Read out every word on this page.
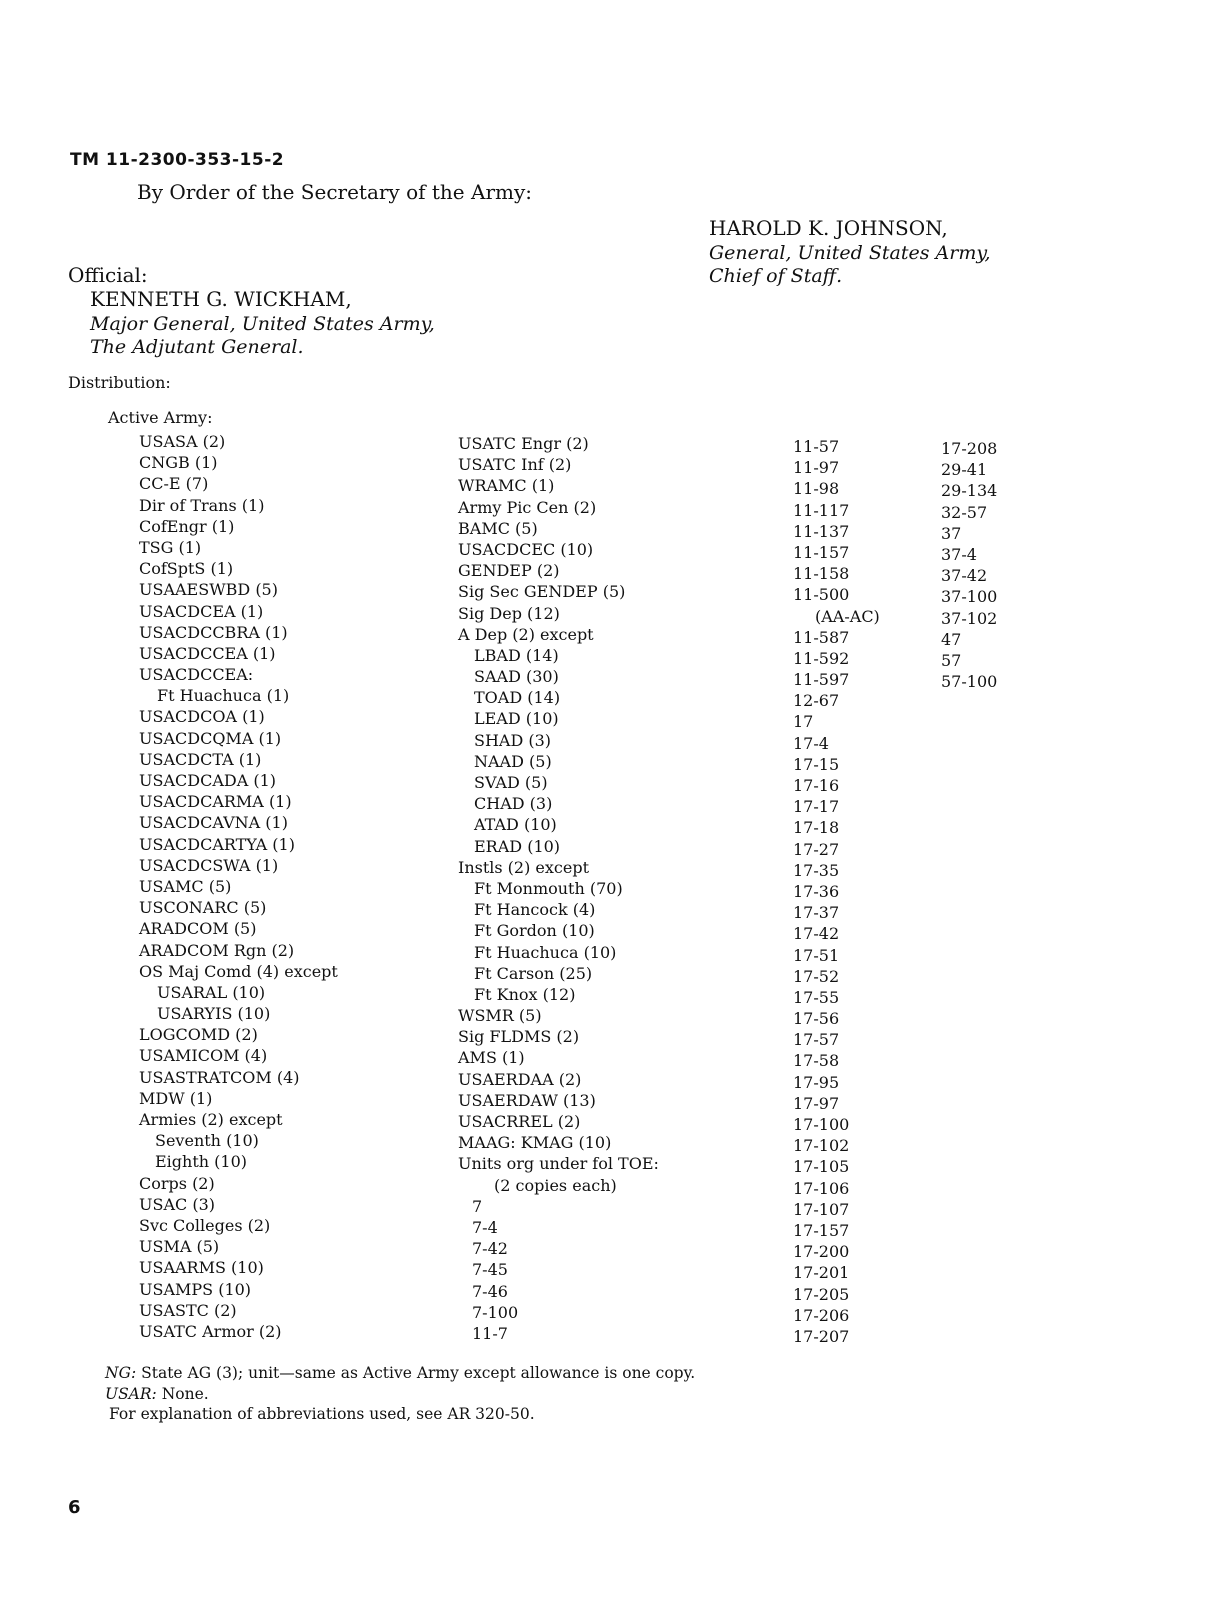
TM 11-2300-353-15-2
By Order of the Secretary of the Army:
HAROLD K. JOHNSON,
General, United States Army,
Chief of Staff.
Official:
KENNETH G. WICKHAM,
Major General, United States Army,
The Adjutant General.
Distribution:
Active Army:
USASA (2)
CNGB (1)
CC-E (7)
Dir of Trans (1)
CofEngr (1)
TSG (1)
CofSptS (1)
USAAESWBD (5)
USACDCEA (1)
USACDCCBRA (1)
USACDCCEA (1)
USACDCCEA:
Ft Huachuca (1)
USACDCOA (1)
USACDCQMA (1)
USACDCTA (1)
USACDCADA (1)
USACDCARMA (1)
USACDCAVNA (1)
USACDCARTYA (1)
USACDCSWA (1)
USAMC (5)
USCONARC (5)
ARADCOM (5)
ARADCOM Rgn (2)
OS Maj Comd (4) except
USARAL (10)
USARYIS (10)
LOGCOMD (2)
USAMICOM (4)
USASTRATCOM (4)
MDW (1)
Armies (2) except
Seventh (10)
Eighth (10)
Corps (2)
USAC (3)
Svc Colleges (2)
USMA (5)
USAARMS (10)
USAMPS (10)
USASTC (2)
USATC Armor (2)
USATC Engr (2)
USATC Inf (2)
WRAMC (1)
Army Pic Cen (2)
BAMC (5)
USACDCEC (10)
GENDEP (2)
Sig Sec GENDEP (5)
Sig Dep (12)
A Dep (2) except
LBAD (14)
SAAD (30)
TOAD (14)
LEAD (10)
SHAD (3)
NAAD (5)
SVAD (5)
CHAD (3)
ATAD (10)
ERAD (10)
Instls (2) except
Ft Monmouth (70)
Ft Hancock (4)
Ft Gordon (10)
Ft Huachuca (10)
Ft Carson (25)
Ft Knox (12)
WSMR (5)
Sig FLDMS (2)
AMS (1)
USAERDAA (2)
USAERDAW (13)
USACRREL (2)
MAAG: KMAG (10)
Units org under fol TOE:
(2 copies each)
7
7-4
7-42
7-45
7-46
7-100
11-7
11-57
11-97
11-98
11-117
11-137
11-157
11-158
11-500
(AA-AC)
11-587
11-592
11-597
12-67
17
17-4
17-15
17-16
17-17
17-18
17-27
17-35
17-36
17-37
17-42
17-51
17-52
17-55
17-56
17-57
17-58
17-95
17-97
17-100
17-102
17-105
17-106
17-107
17-157
17-200
17-201
17-205
17-206
17-207
17-208
29-41
29-134
32-57
37
37-4
37-42
37-100
37-102
47
57
57-100
NG: State AG (3); unit—same as Active Army except allowance is one copy.
USAR: None.
For explanation of abbreviations used, see AR 320-50.
6
